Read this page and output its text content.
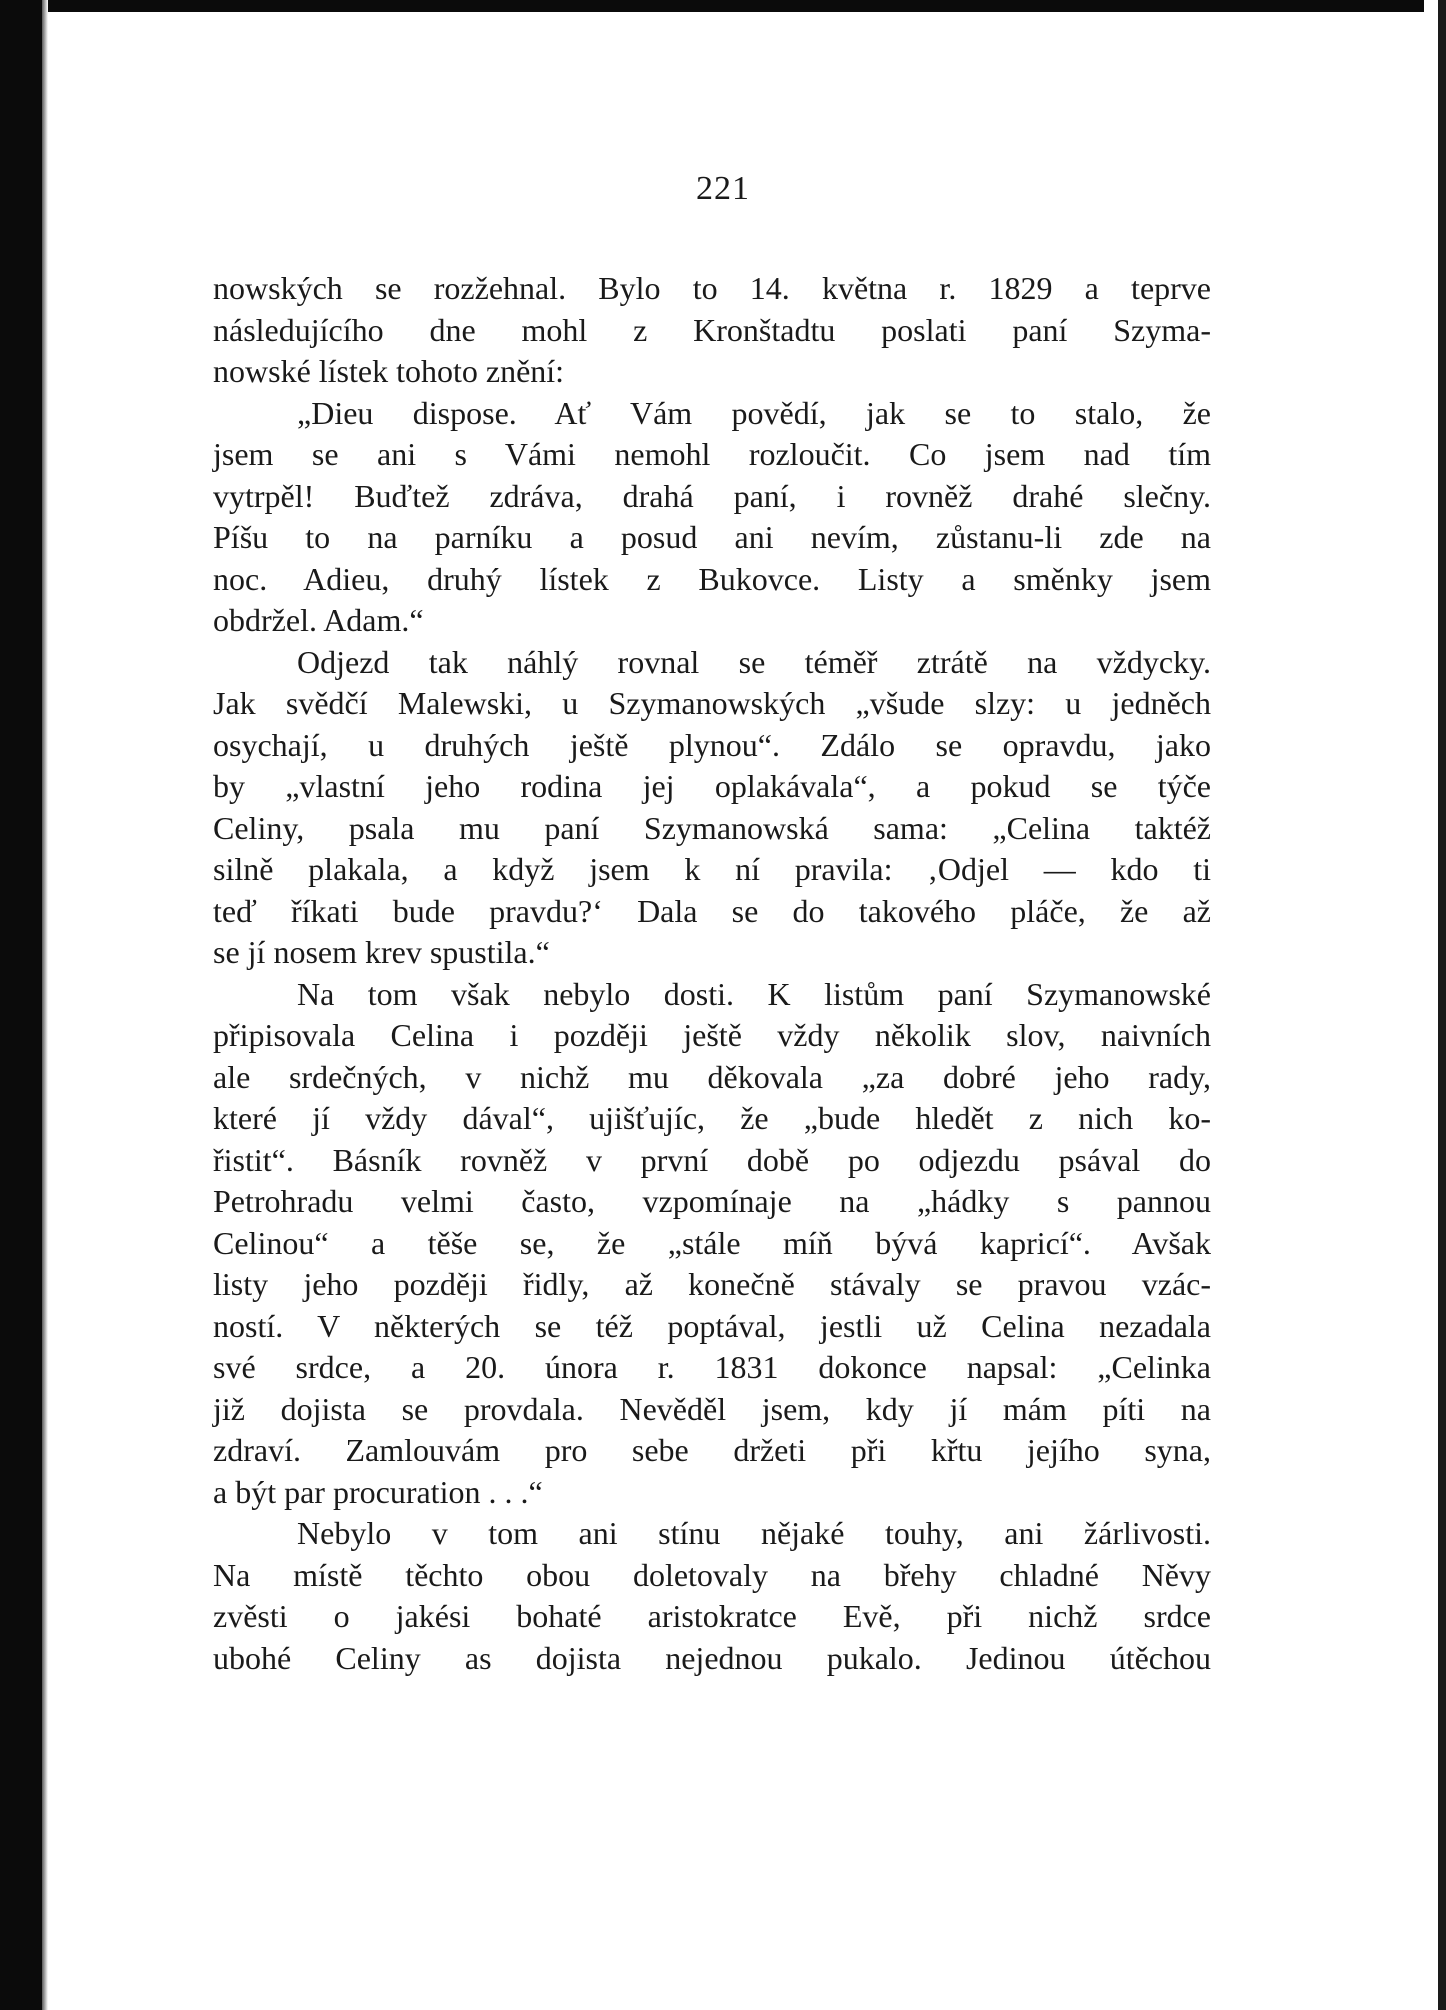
221
nowských se rozžehnal. Bylo to 14. května r. 1829 a teprve
následujícího dne mohl z Kronštadtu poslati paní Szyma-
nowské lístek tohoto znění:
„Dieu dispose. Ať Vám povědí, jak se to stalo, že
jsem se ani s Vámi nemohl rozloučit. Co jsem nad tím
vytrpěl! Buďtež zdráva, drahá paní, i rovněž drahé slečny.
Píšu to na parníku a posud ani nevím, zůstanu-li zde na
noc. Adieu, druhý lístek z Bukovce. Listy a směnky jsem
obdržel. Adam.“
Odjezd tak náhlý rovnal se téměř ztrátě na vždycky.
Jak svědčí Malewski, u Szymanowských „všude slzy: u jedněch
osychají, u druhých ještě plynou“. Zdálo se opravdu, jako
by „vlastní jeho rodina jej oplakávala“, a pokud se týče
Celiny, psala mu paní Szymanowská sama: „Celina taktéž
silně plakala, a když jsem k ní pravila: ‚Odjel — kdo ti
teď říkati bude pravdu?‘ Dala se do takového pláče, že až
se jí nosem krev spustila.“
Na tom však nebylo dosti. K listům paní Szymanowské
připisovala Celina i později ještě vždy několik slov, naivních
ale srdečných, v nichž mu děkovala „za dobré jeho rady,
které jí vždy dával“, ujišťujíc, že „bude hledět z nich ko-
řistit“. Básník rovněž v první době po odjezdu psával do
Petrohradu velmi často, vzpomínaje na „hádky s pannou
Celinou“ a těše se, že „stále míň bývá kapricí“. Avšak
listy jeho později řidly, až konečně stávaly se pravou vzác-
ností. V některých se též poptával, jestli už Celina nezadala
své srdce, a 20. února r. 1831 dokonce napsal: „Celinka
již dojista se provdala. Nevěděl jsem, kdy jí mám píti na
zdraví. Zamlouvám pro sebe držeti při křtu jejího syna,
a být par procuration . . .“
Nebylo v tom ani stínu nějaké touhy, ani žárlivosti.
Na místě těchto obou doletovaly na břehy chladné Něvy
zvěsti o jakési bohaté aristokratce Evě, při nichž srdce
ubohé Celiny as dojista nejednou pukalo. Jedinou útěchou
